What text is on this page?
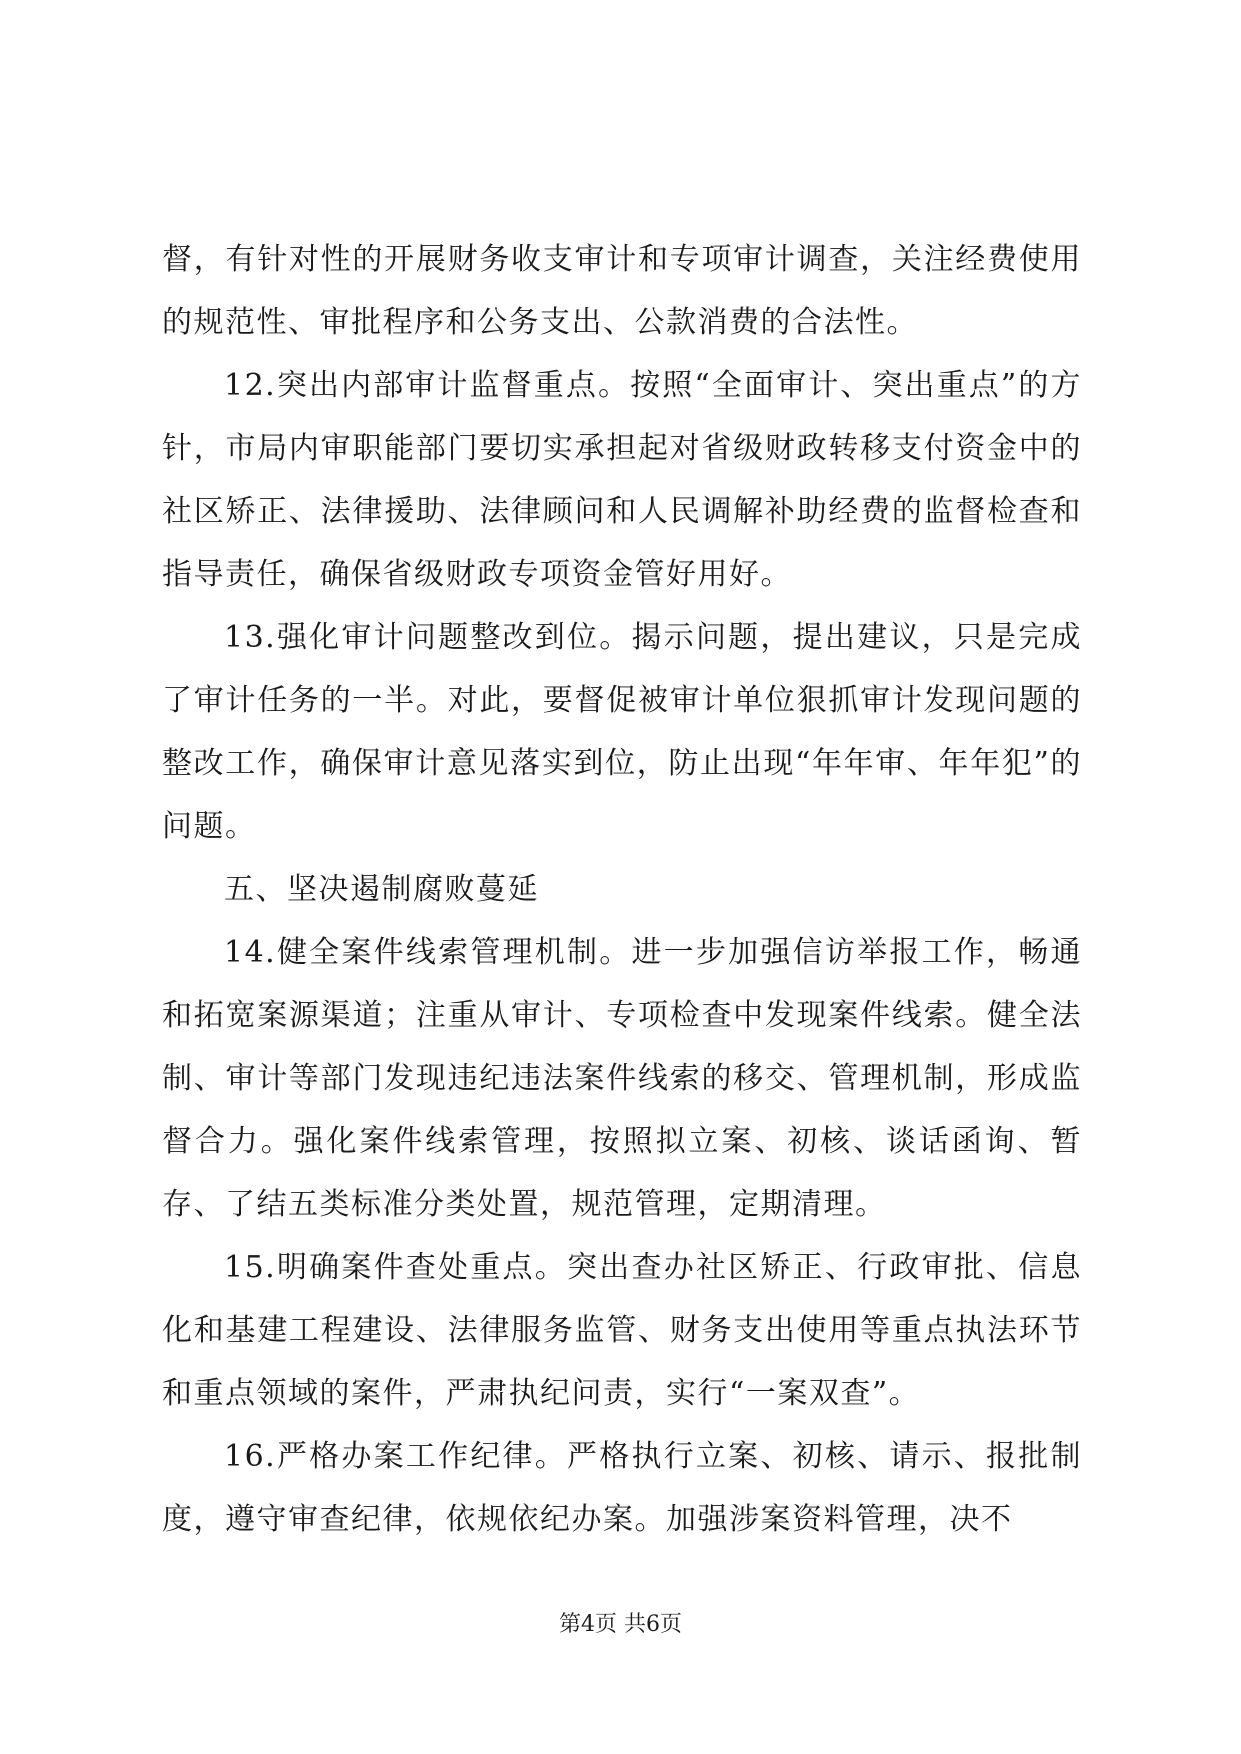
督，有针对性的开展财务收支审计和专项审计调查，关注经费使用的规范性、审批程序和公务支出、公款消费的合法性。

12.突出内部审计监督重点。按照“全面审计、突出重点”的方针，市局内审职能部门要切实承担起对省级财政转移支付资金中的社区矫正、法律援助、法律顾问和人民调解补助经费的监督检查和指导责任，确保省级财政专项资金管好用好。

13.强化审计问题整改到位。揭示问题，提出建议，只是完成了审计任务的一半。对此，要督促被审计单位狠抓审计发现问题的整改工作，确保审计意见落实到位，防止出现“年年审、年年犯”的问题。

五、坚决遏制腐败蔓延

14.健全案件线索管理机制。进一步加强信访举报工作，畅通和拓宽案源渠道；注重从审计、专项检查中发现案件线索。健全法制、审计等部门发现违纪违法案件线索的移交、管理机制，形成监督合力。强化案件线索管理，按照拟立案、初核、谈话函询、暂存、了结五类标准分类处置，规范管理，定期清理。

15.明确案件查处重点。突出查办社区矫正、行政审批、信息化和基建工程建设、法律服务监管、财务支出使用等重点执法环节和重点领域的案件，严肃执纪问责，实行“一案双查”。

16.严格办案工作纪律。严格执行立案、初核、请示、报批制度，遵守审查纪律，依规依纪办案。加强涉案资料管理，决不

第4页 共6页
